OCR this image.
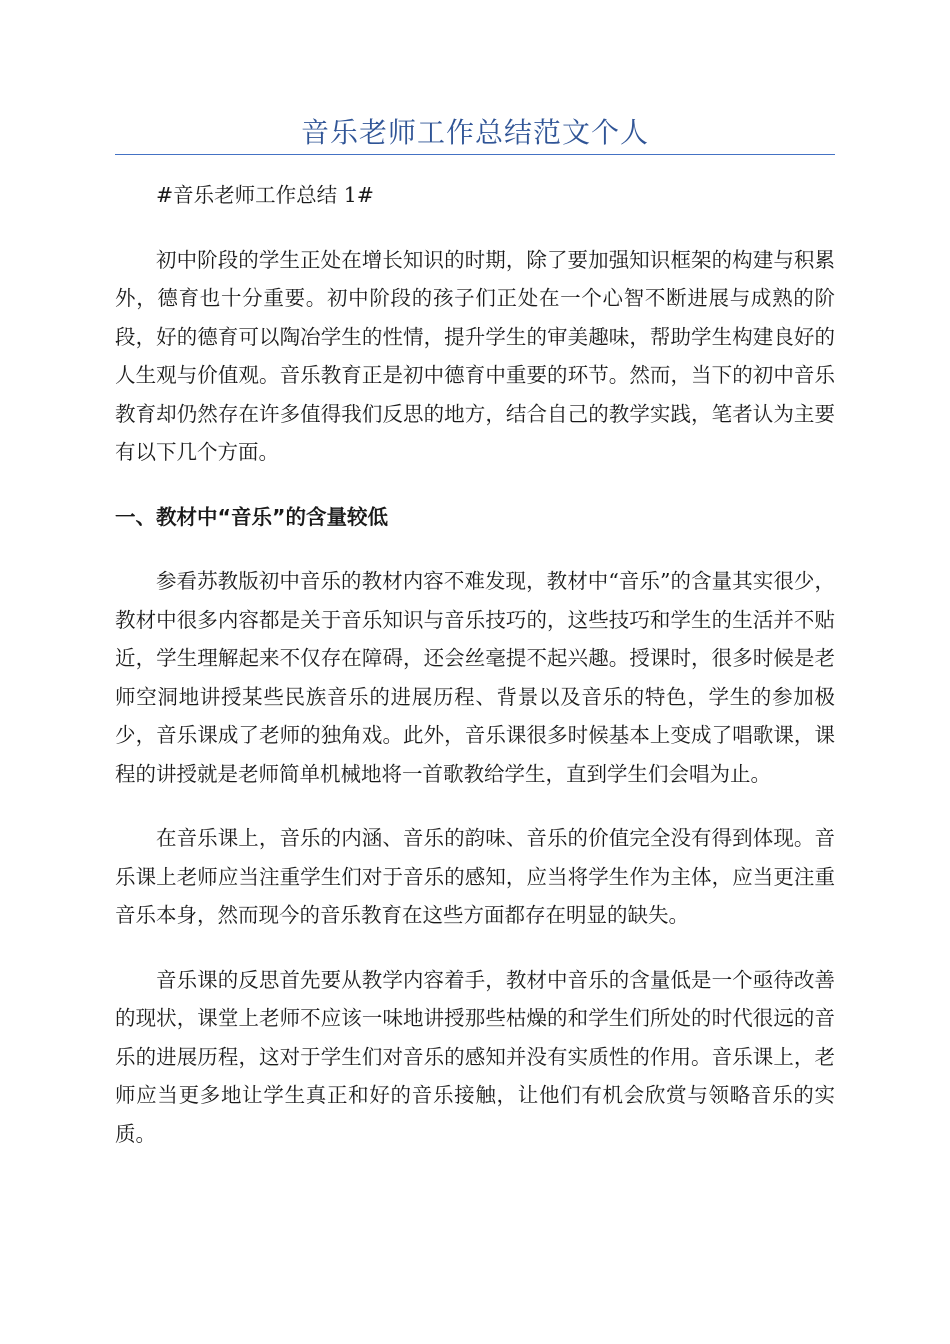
音乐老师工作总结范文个人

#音乐老师工作总结 1#

初中阶段的学生正处在增长知识的时期，除了要加强知识框架的构建与积累外，德育也十分重要。初中阶段的孩子们正处在一个心智不断进展与成熟的阶段，好的德育可以陶冶学生的性情，提升学生的审美趣味，帮助学生构建良好的人生观与价值观。音乐教育正是初中德育中重要的环节。然而，当下的初中音乐教育却仍然存在许多值得我们反思的地方，结合自己的教学实践，笔者认为主要有以下几个方面。

一、教材中“音乐”的含量较低

参看苏教版初中音乐的教材内容不难发现，教材中“音乐”的含量其实很少，教材中很多内容都是关于音乐知识与音乐技巧的，这些技巧和学生的生活并不贴近，学生理解起来不仅存在障碍，还会丝毫提不起兴趣。授课时，很多时候是老师空洞地讲授某些民族音乐的进展历程、背景以及音乐的特色，学生的参加极少，音乐课成了老师的独角戏。此外，音乐课很多时候基本上变成了唱歌课，课程的讲授就是老师简单机械地将一首歌教给学生，直到学生们会唱为止。

在音乐课上，音乐的内涵、音乐的韵味、音乐的价值完全没有得到体现。音乐课上老师应当注重学生们对于音乐的感知，应当将学生作为主体，应当更注重音乐本身，然而现今的音乐教育在这些方面都存在明显的缺失。

音乐课的反思首先要从教学内容着手，教材中音乐的含量低是一个亟待改善的现状，课堂上老师不应该一味地讲授那些枯燥的和学生们所处的时代很远的音乐的进展历程，这对于学生们对音乐的感知并没有实质性的作用。音乐课上，老师应当更多地让学生真正和好的音乐接触，让他们有机会欣赏与领略音乐的实质。
